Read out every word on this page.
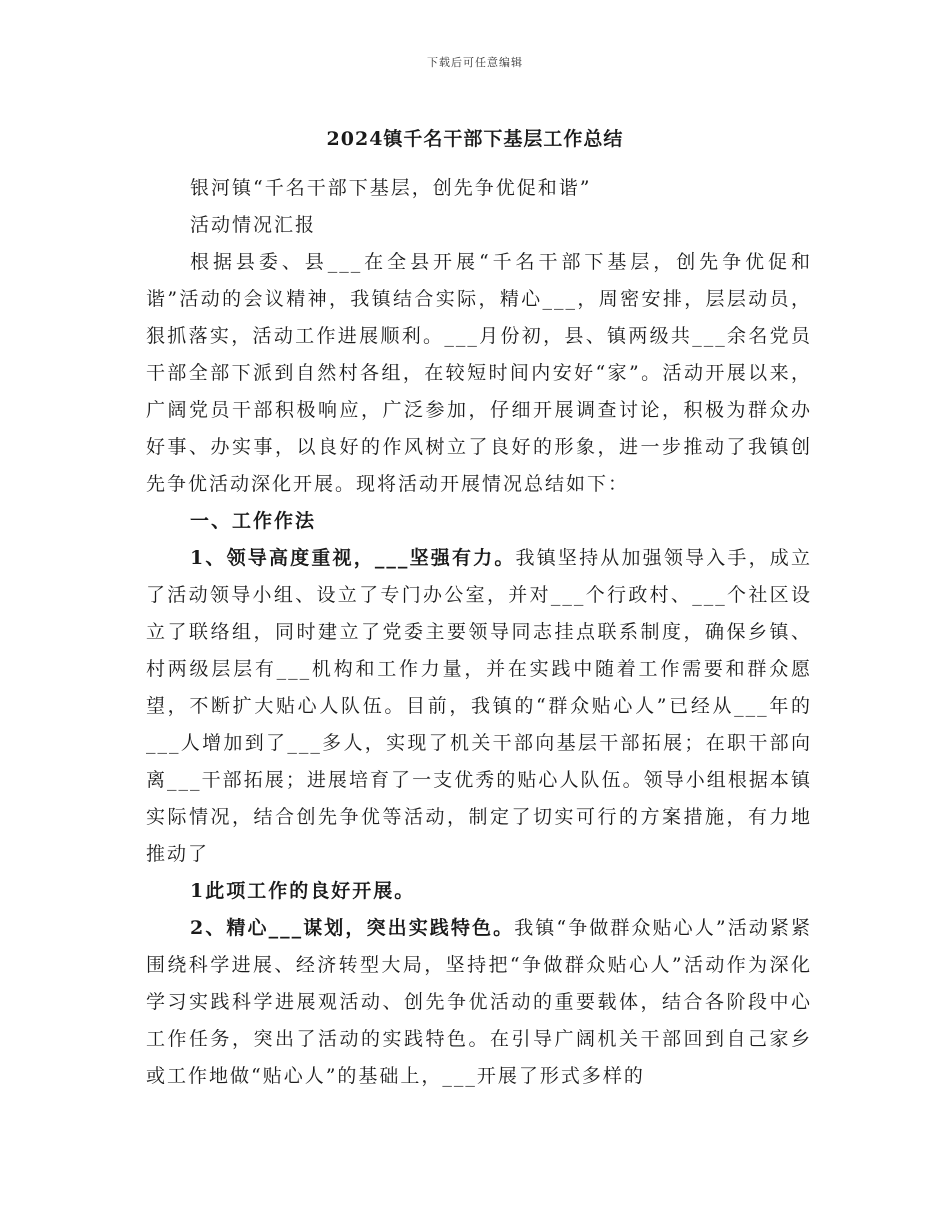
下载后可任意编辑
2024镇千名干部下基层工作总结

银河镇“千名干部下基层，创先争优促和谐”

活动情况汇报

根据县委、县___在全县开展“千名干部下基层，创先争优促和谐”活动的会议精神，我镇结合实际，精心___，周密安排，层层动员，狠抓落实，活动工作进展顺利。___月份初，县、镇两级共___余名党员干部全部下派到自然村各组，在较短时间内安好“家”。活动开展以来，广阔党员干部积极响应，广泛参加，仔细开展调查讨论，积极为群众办好事、办实事，以良好的作风树立了良好的形象，进一步推动了我镇创先争优活动深化开展。现将活动开展情况总结如下：

一、工作作法

1、领导高度重视，___坚强有力。我镇坚持从加强领导入手，成立了活动领导小组、设立了专门办公室，并对___个行政村、___个社区设立了联络组，同时建立了党委主要领导同志挂点联系制度，确保乡镇、村两级层层有___机构和工作力量，并在实践中随着工作需要和群众愿望，不断扩大贴心人队伍。目前，我镇的“群众贴心人”已经从___年的___人增加到了___多人，实现了机关干部向基层干部拓展；在职干部向离___干部拓展；进展培育了一支优秀的贴心人队伍。领导小组根据本镇实际情况，结合创先争优等活动，制定了切实可行的方案措施，有力地推动了

1此项工作的良好开展。

2、精心___谋划，突出实践特色。我镇“争做群众贴心人”活动紧紧围绕科学进展、经济转型大局，坚持把“争做群众贴心人”活动作为深化学习实践科学进展观活动、创先争优活动的重要载体，结合各阶段中心工作任务，突出了活动的实践特色。在引导广阔机关干部回到自己家乡或工作地做“贴心人”的基础上，___开展了形式多样的
